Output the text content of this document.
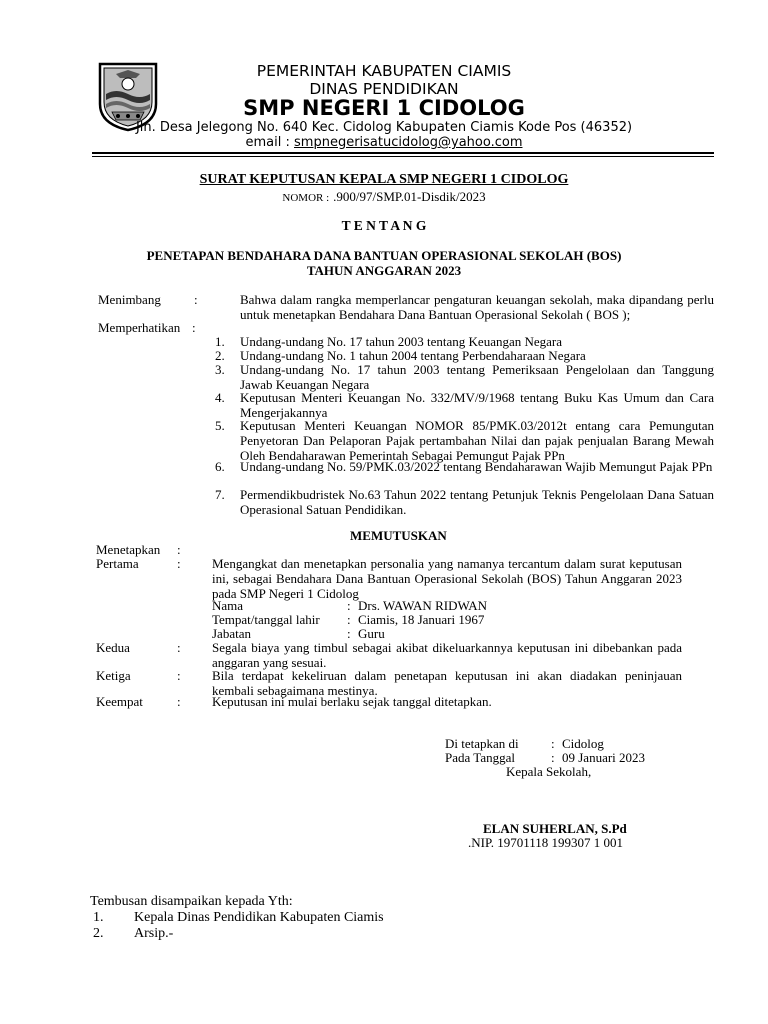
PEMERINTAH KABUPATEN CIAMIS
DINAS PENDIDIKAN
SMP NEGERI 1 CIDOLOG
Jln. Desa Jelegong No. 640 Kec. Cidolog Kabupaten Ciamis Kode Pos (46352)
email : smpnegerisatucidolog@yahoo.com
SURAT KEPUTUSAN KEPALA SMP NEGERI 1 CIDOLOG
NOMOR : .900/97/SMP.01-Disdik/2023
T E N T A N G
PENETAPAN BENDAHARA DANA BANTUAN OPERASIONAL SEKOLAH (BOS)
TAHUN ANGGARAN 2023
Menimbang	:	Bahwa dalam rangka memperlancar pengaturan keuangan sekolah, maka dipandang perlu untuk menetapkan Bendahara Dana Bantuan Operasional Sekolah ( BOS );
Memperhatikan :
1. Undang-undang No. 17 tahun 2003 tentang Keuangan Negara
2. Undang-undang No. 1 tahun 2004 tentang Perbendaharaan Negara
3. Undang-undang No. 17 tahun 2003 tentang Pemeriksaan Pengelolaan dan Tanggung Jawab Keuangan Negara
4. Keputusan Menteri Keuangan No. 332/MV/9/1968 tentang Buku Kas Umum dan Cara Mengerjakannya
5. Keputusan Menteri Keuangan NOMOR 85/PMK.03/2012t entang cara Pemungutan Penyetoran Dan Pelaporan Pajak pertambahan Nilai dan pajak penjualan Barang Mewah Oleh Bendaharawan Pemerintah Sebagai Pemungut Pajak PPn
6. Undang-undang No. 59/PMK.03/2022 tentang Bendaharawan Wajib Memungut Pajak PPn
7. Permendikbudristek No.63 Tahun 2022 tentang Petunjuk Teknis Pengelolaan Dana Satuan Operasional Satuan Pendidikan.
MEMUTUSKAN
Menetapkan :
Pertama	: Mengangkat dan menetapkan personalia yang namanya tercantum dalam surat keputusan ini, sebagai Bendahara Dana Bantuan Operasional Sekolah (BOS) Tahun Anggaran 2023 pada SMP Negeri 1 Cidolog
Nama	: Drs. WAWAN RIDWAN
Tempat/tanggal lahir : Ciamis, 18 Januari 1967
Jabatan	: Guru
Kedua	: Segala biaya yang timbul sebagai akibat dikeluarkannya keputusan ini dibebankan pada anggaran yang sesuai.
Ketiga	: Bila terdapat kekeliruan dalam penetapan keputusan ini akan diadakan peninjauan kembali sebagaimana mestinya.
Keempat	: Keputusan ini mulai berlaku sejak tanggal ditetapkan.
Di tetapkan di : Cidolog
Pada Tanggal	: 09 Januari 2023
Kepala Sekolah,
ELAN SUHERLAN, S.Pd
.NIP. 19701118 199307 1 001
Tembusan disampaikan kepada Yth:
1. Kepala Dinas Pendidikan Kabupaten Ciamis
2. Arsip.-
